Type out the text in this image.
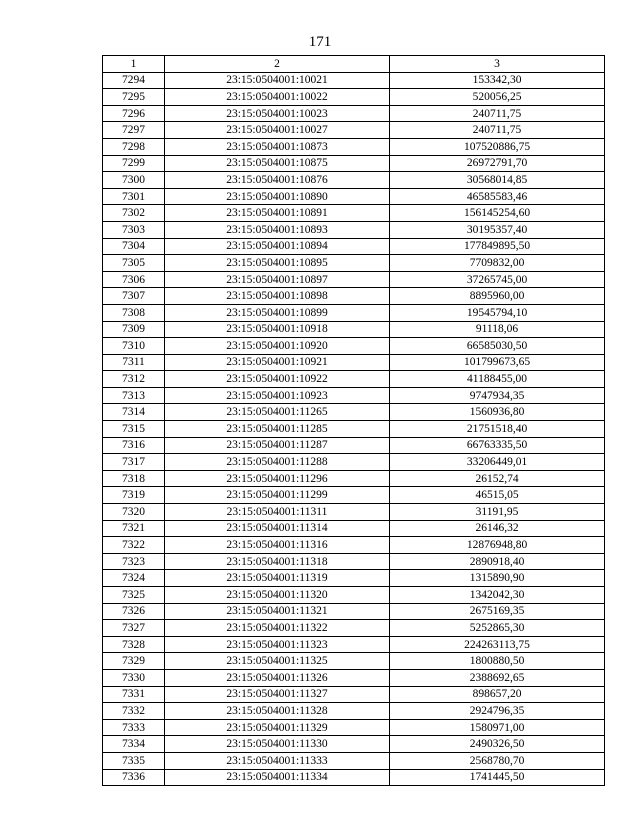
171
1	2	3
7294	23:15:0504001:10021	153342,30
7295	23:15:0504001:10022	520056,25
7296	23:15:0504001:10023	240711,75
7297	23:15:0504001:10027	240711,75
7298	23:15:0504001:10873	107520886,75
7299	23:15:0504001:10875	26972791,70
7300	23:15:0504001:10876	30568014,85
7301	23:15:0504001:10890	46585583,46
7302	23:15:0504001:10891	156145254,60
7303	23:15:0504001:10893	30195357,40
7304	23:15:0504001:10894	177849895,50
7305	23:15:0504001:10895	7709832,00
7306	23:15:0504001:10897	37265745,00
7307	23:15:0504001:10898	8895960,00
7308	23:15:0504001:10899	19545794,10
7309	23:15:0504001:10918	91118,06
7310	23:15:0504001:10920	66585030,50
7311	23:15:0504001:10921	101799673,65
7312	23:15:0504001:10922	41188455,00
7313	23:15:0504001:10923	9747934,35
7314	23:15:0504001:11265	1560936,80
7315	23:15:0504001:11285	21751518,40
7316	23:15:0504001:11287	66763335,50
7317	23:15:0504001:11288	33206449,01
7318	23:15:0504001:11296	26152,74
7319	23:15:0504001:11299	46515,05
7320	23:15:0504001:11311	31191,95
7321	23:15:0504001:11314	26146,32
7322	23:15:0504001:11316	12876948,80
7323	23:15:0504001:11318	2890918,40
7324	23:15:0504001:11319	1315890,90
7325	23:15:0504001:11320	1342042,30
7326	23:15:0504001:11321	2675169,35
7327	23:15:0504001:11322	5252865,30
7328	23:15:0504001:11323	224263113,75
7329	23:15:0504001:11325	1800880,50
7330	23:15:0504001:11326	2388692,65
7331	23:15:0504001:11327	898657,20
7332	23:15:0504001:11328	2924796,35
7333	23:15:0504001:11329	1580971,00
7334	23:15:0504001:11330	2490326,50
7335	23:15:0504001:11333	2568780,70
7336	23:15:0504001:11334	1741445,50
